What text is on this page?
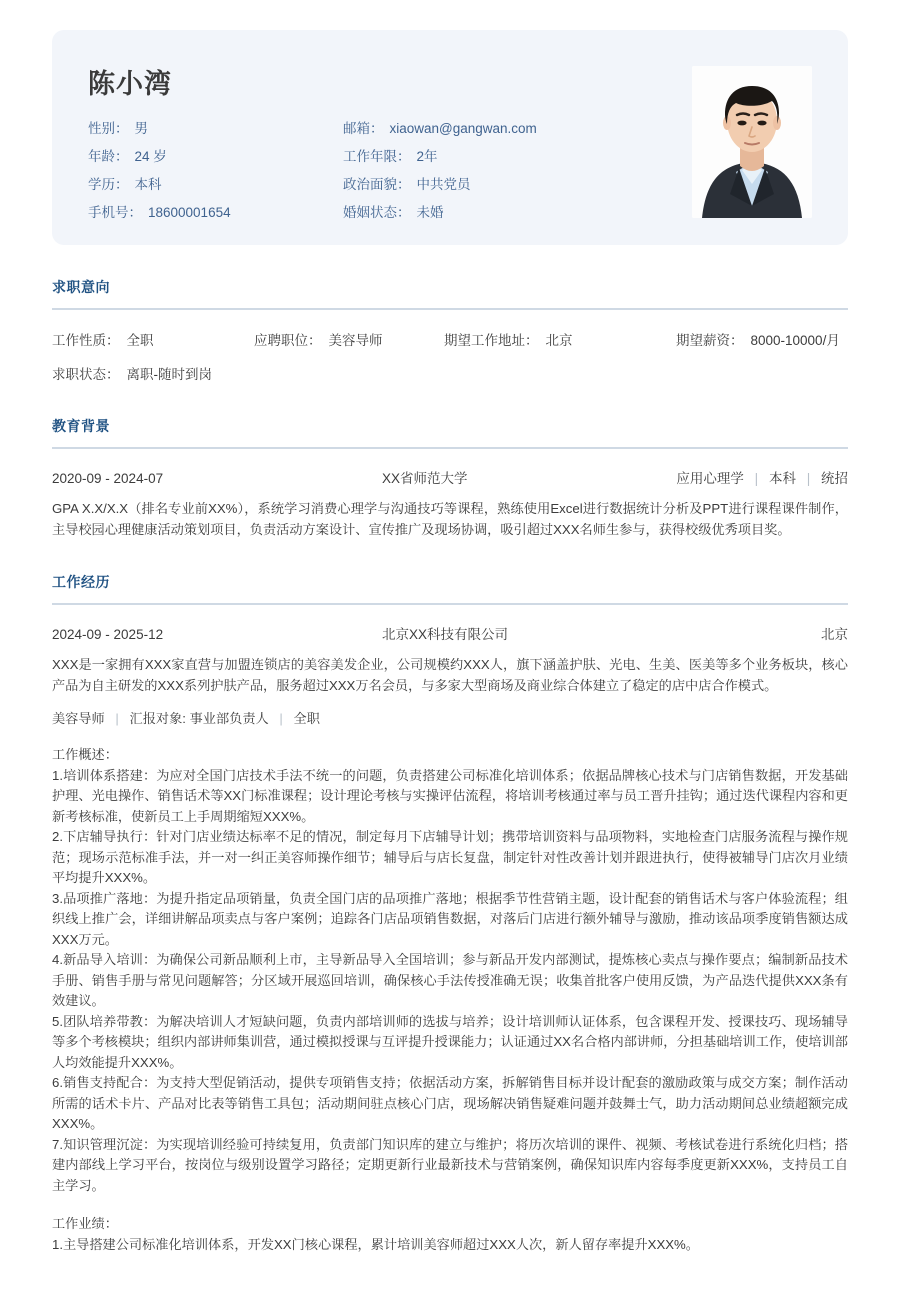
陈小湾
性别： 男	邮箱： xiaowan@gangwan.com
年龄： 24 岁	工作年限： 2年
学历： 本科	政治面貌： 中共党员
手机号： 18600001654	婚姻状态： 未婚
求职意向
工作性质： 全职	应聘职位： 美容导师	期望工作地址： 北京	期望薪资： 8000-10000/月
求职状态： 离职-随时到岗
教育背景
2020-09 - 2024-07	XX省师范大学	应用心理学 | 本科 | 统招
GPA X.X/X.X（排名专业前XX%），系统学习消费心理学与沟通技巧等课程，熟练使用Excel进行数据统计分析及PPT进行课程课件制作，主导校园心理健康活动策划项目，负责活动方案设计、宣传推广及现场协调，吸引超过XXX名师生参与，获得校级优秀项目奖。
工作经历
2024-09 - 2025-12	北京XX科技有限公司	北京
XXX是一家拥有XXX家直营与加盟连锁店的美容美发企业，公司规模约XXX人，旗下涵盖护肤、光电、生美、医美等多个业务板块，核心产品为自主研发的XXX系列护肤产品，服务超过XXX万名会员，与多家大型商场及商业综合体建立了稳定的店中店合作模式。
美容导师 | 汇报对象: 事业部负责人 | 全职

工作概述：

1.培训体系搭建：为应对全国门店技术手法不统一的问题，负责搭建公司标准化培训体系；依据品牌核心技术与门店销售数据，开发基础护理、光电操作、销售话术等XX门标准课程；设计理论考核与实操评估流程，将培训考核通过率与员工晋升挂钩；通过迭代课程内容和更新考核标准，使新员工上手周期缩短XXX%。

2.下店辅导执行：针对门店业绩达标率不足的情况，制定每月下店辅导计划；携带培训资料与品项物料，实地检查门店服务流程与操作规范；现场示范标准手法，并一对一纠正美容师操作细节；辅导后与店长复盘，制定针对性改善计划并跟进执行，使得被辅导门店次月业绩平均提升XXX%。

3.品项推广落地：为提升指定品项销量，负责全国门店的品项推广落地；根据季节性营销主题，设计配套的销售话术与客户体验流程；组织线上推广会，详细讲解品项卖点与客户案例；追踪各门店品项销售数据，对落后门店进行额外辅导与激励，推动该品项季度销售额达成XXX万元。

4.新品导入培训：为确保公司新品顺利上市，主导新品导入全国培训；参与新品开发内部测试，提炼核心卖点与操作要点；编制新品技术手册、销售手册与常见问题解答；分区域开展巡回培训，确保核心手法传授准确无误；收集首批客户使用反馈，为产品迭代提供XXX条有效建议。

5.团队培养带教：为解决培训人才短缺问题，负责内部培训师的选拔与培养；设计培训师认证体系，包含课程开发、授课技巧、现场辅导等多个考核模块；组织内部讲师集训营，通过模拟授课与互评提升授课能力；认证通过XX名合格内部讲师，分担基础培训工作，使培训部人均效能提升XXX%。

6.销售支持配合：为支持大型促销活动，提供专项销售支持；依据活动方案，拆解销售目标并设计配套的激励政策与成交方案；制作活动所需的话术卡片、产品对比表等销售工具包；活动期间驻点核心门店，现场解决销售疑难问题并鼓舞士气，助力活动期间总业绩超额完成XXX%。

7.知识管理沉淀：为实现培训经验可持续复用，负责部门知识库的建立与维护；将历次培训的课件、视频、考核试卷进行系统化归档；搭建内部线上学习平台，按岗位与级别设置学习路径；定期更新行业最新技术与营销案例，确保知识库内容每季度更新XXX%，支持员工自主学习。

工作业绩：

1.主导搭建公司标准化培训体系，开发XX门核心课程，累计培训美容师超过XXX人次，新人留存率提升XXX%。
